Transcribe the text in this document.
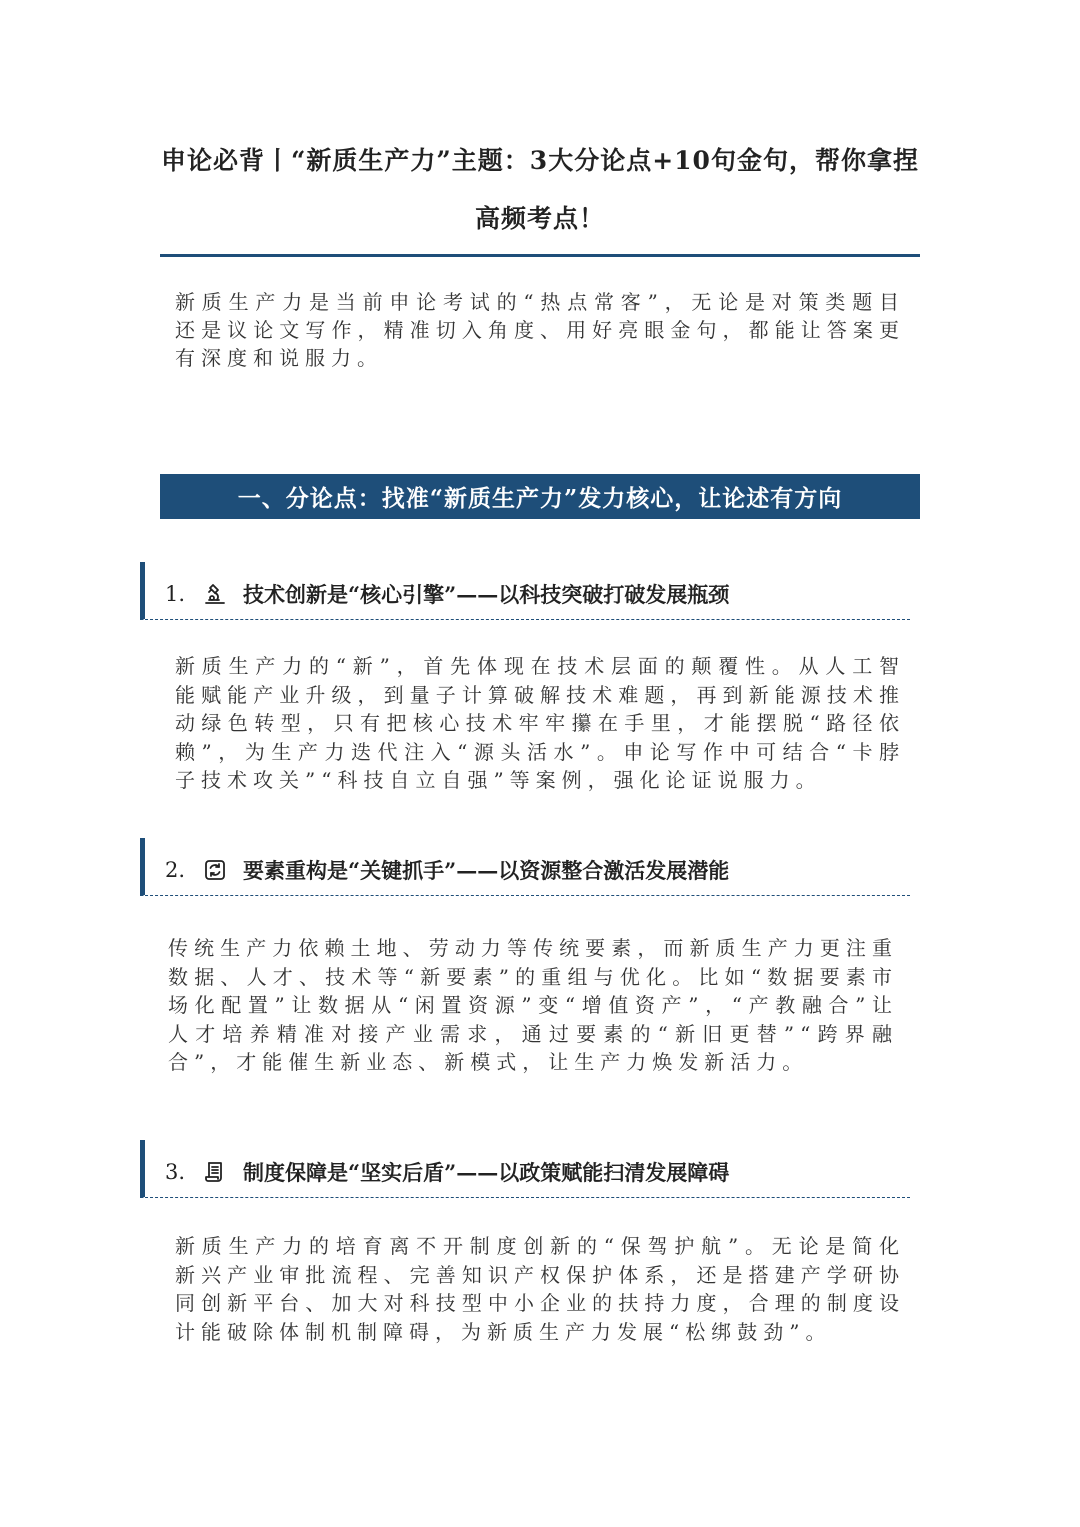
申论必背丨“新质生产力”主题：3大分论点+10句金句，帮你拿捏高频考点！
新质生产力是当前申论考试的“热点常客”，无论是对策类题目还是议论文写作，精准切入角度、用好亮眼金句，都能让答案更有深度和说服力。
一、分论点：找准“新质生产力”发力核心，让论述有方向
1.	技术创新是“核心引擎”——以科技突破打破发展瓶颈
新质生产力的“新”，首先体现在技术层面的颠覆性。从人工智能赋能产业升级，到量子计算破解技术难题，再到新能源技术推动绿色转型，只有把核心技术牢牢攥在手里，才能摆脱“路径依赖”，为生产力迭代注入“源头活水”。申论写作中可结合“卡脖子技术攻关”“科技自立自强”等案例，强化论证说服力。
2.	要素重构是“关键抓手”——以资源整合激活发展潜能
传统生产力依赖土地、劳动力等传统要素，而新质生产力更注重数据、人才、技术等“新要素”的重组与优化。比如“数据要素市场化配置”让数据从“闲置资源”变“增值资产”，“产教融合”让人才培养精准对接产业需求，通过要素的“新旧更替”“跨界融合”，才能催生新业态、新模式，让生产力焕发新活力。
3.	制度保障是“坚实后盾”——以政策赋能扫清发展障碍
新质生产力的培育离不开制度创新的“保驾护航”。无论是简化新兴产业审批流程、完善知识产权保护体系，还是搭建产学研协同创新平台、加大对科技型中小企业的扶持力度，合理的制度设计能破除体制机制障碍，为新质生产力发展“松绑鼓劲”。
